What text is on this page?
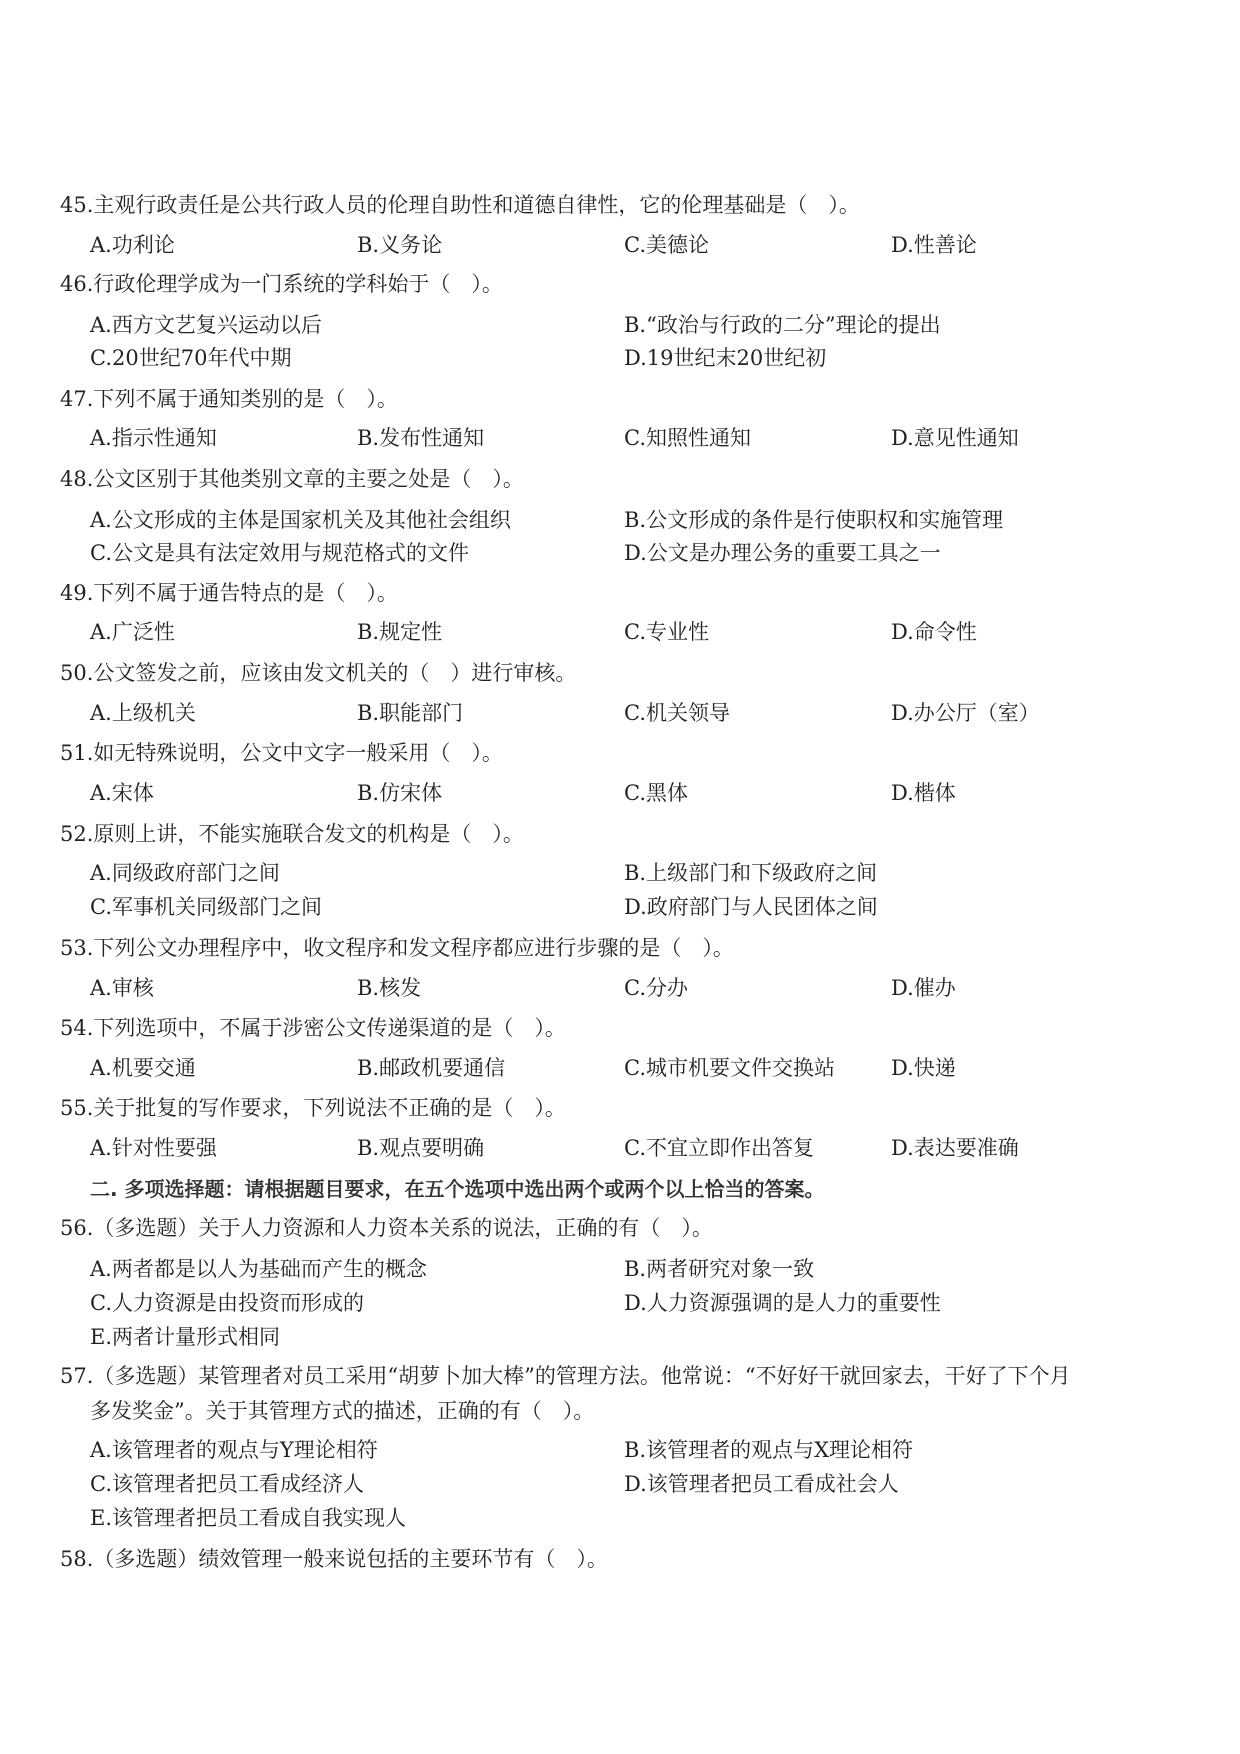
二. 多项选择题：请根据题目要求，在五个选项中选出两个或两个以上恰当的答案。
45.主观行政责任是公共行政人员的伦理自助性和道德自律性，它的伦理基础是（　）。
A.功利论	B.义务论	C.美德论	D.性善论
46.行政伦理学成为一门系统的学科始于（　）。
A.西方文艺复兴运动以后	B.“政治与行政的二分”理论的提出
C.20世纪70年代中期	D.19世纪末20世纪初
47.下列不属于通知类别的是（　）。
A.指示性通知	B.发布性通知	C.知照性通知	D.意见性通知
48.公文区别于其他类别文章的主要之处是（　）。
A.公文形成的主体是国家机关及其他社会组织	B.公文形成的条件是行使职权和实施管理
C.公文是具有法定效用与规范格式的文件	D.公文是办理公务的重要工具之一
49.下列不属于通告特点的是（　）。
A.广泛性	B.规定性	C.专业性	D.命令性
50.公文签发之前，应该由发文机关的（　）进行审核。
A.上级机关	B.职能部门	C.机关领导	D.办公厅（室）
51.如无特殊说明，公文中文字一般采用（　）。
A.宋体	B.仿宋体	C.黑体	D.楷体
52.原则上讲，不能实施联合发文的机构是（　）。
A.同级政府部门之间	B.上级部门和下级政府之间
C.军事机关同级部门之间	D.政府部门与人民团体之间
53.下列公文办理程序中，收文程序和发文程序都应进行步骤的是（　）。
A.审核	B.核发	C.分办	D.催办
54.下列选项中，不属于涉密公文传递渠道的是（　）。
A.机要交通	B.邮政机要通信	C.城市机要文件交换站	D.快递
55.关于批复的写作要求，下列说法不正确的是（　）。
A.针对性要强	B.观点要明确	C.不宜立即作出答复	D.表达要准确
56.（多选题）关于人力资源和人力资本关系的说法，正确的有（　）。
A.两者都是以人为基础而产生的概念	B.两者研究对象一致
C.人力资源是由投资而形成的	D.人力资源强调的是人力的重要性
E.两者计量形式相同
57.（多选题）某管理者对员工采用“胡萝卜加大棒”的管理方法。他常说：“不好好干就回家去，干好了下个月
多发奖金”。关于其管理方式的描述，正确的有（　）。
A.该管理者的观点与Y理论相符	B.该管理者的观点与X理论相符
C.该管理者把员工看成经济人	D.该管理者把员工看成社会人
E.该管理者把员工看成自我实现人
58.（多选题）绩效管理一般来说包括的主要环节有（　）。
